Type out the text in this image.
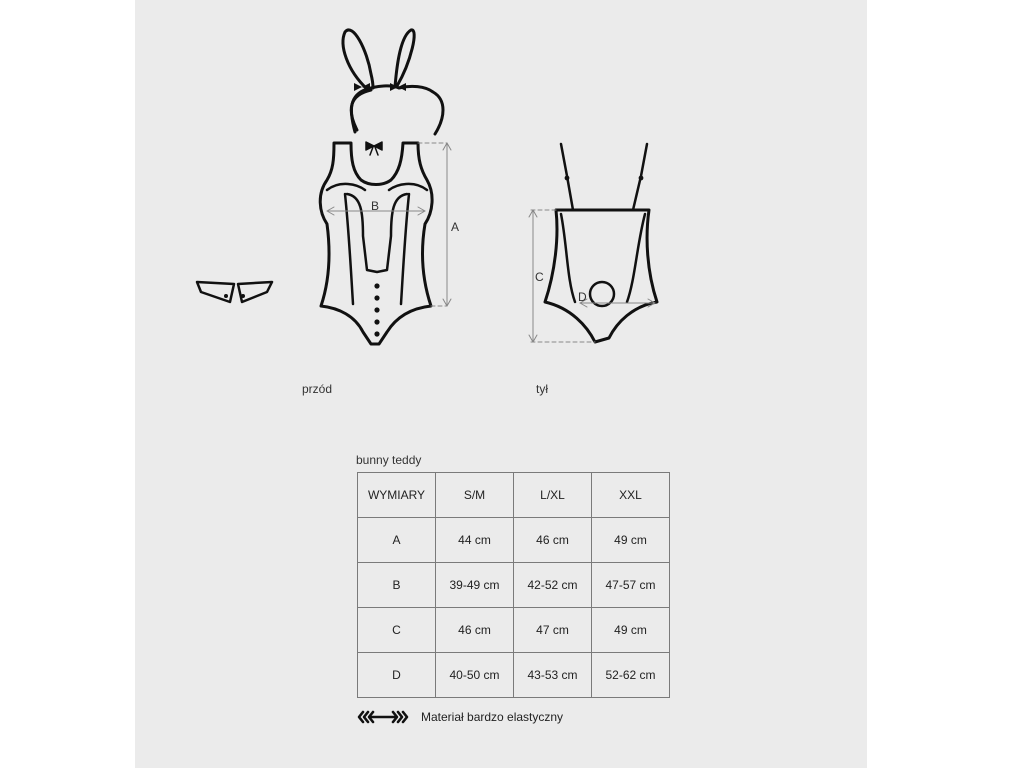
B
A
C
D
przód	tył
bunny teddy
WYMIARY	S/M	L/XL	XXL
A	44 cm	46 cm	49 cm
B	39-49 cm	42-52 cm	47-57 cm
C	46 cm	47 cm	49 cm
D	40-50 cm	43-53 cm	52-62 cm
Materiał bardzo elastyczny
